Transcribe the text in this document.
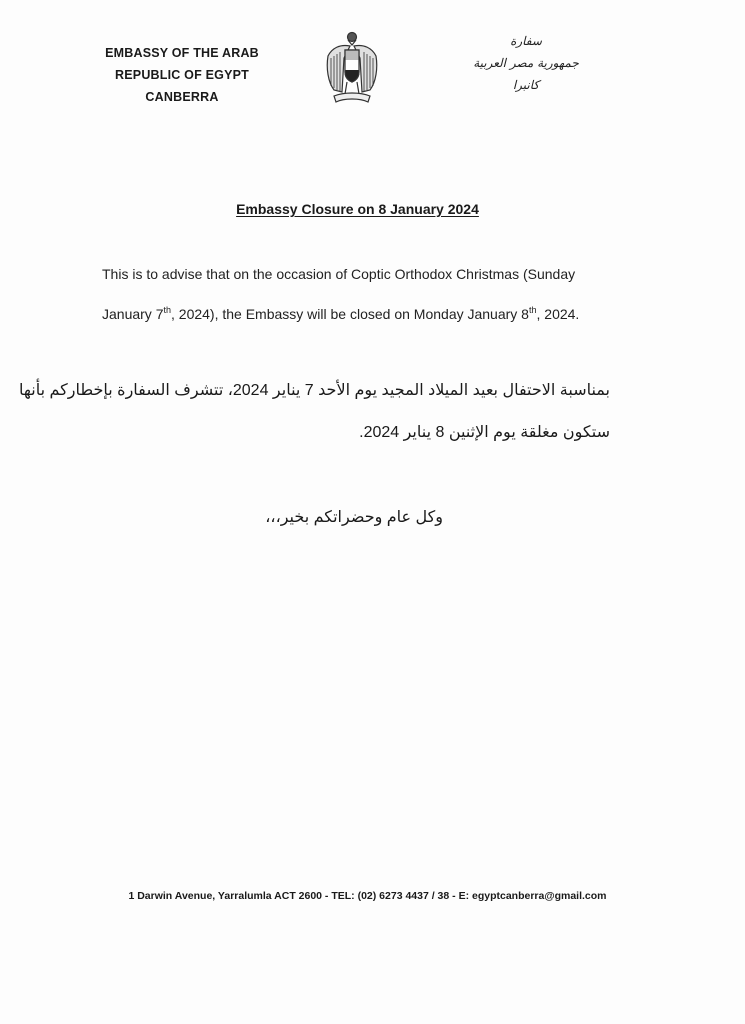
EMBASSY OF THE ARAB
REPUBLIC OF EGYPT
CANBERRA
سفارة
جمهورية مصر العربية
كانبرا
Embassy Closure on 8 January 2024

This is to advise that on the occasion of Coptic Orthodox Christmas (Sunday

January 7th, 2024), the Embassy will be closed on Monday January 8th, 2024.

بمناسبة الاحتفال بعيد الميلاد المجيد يوم الأحد 7 يناير 2024، تتشرف السفارة بإخطاركم بأنها
ستكون مغلقة يوم الإثنين 8 يناير 2024.
وكل عام وحضراتكم بخير،،،
1 Darwin Avenue, Yarralumla ACT 2600 - TEL: (02) 6273 4437 / 38 - E: egyptcanberra@gmail.com
